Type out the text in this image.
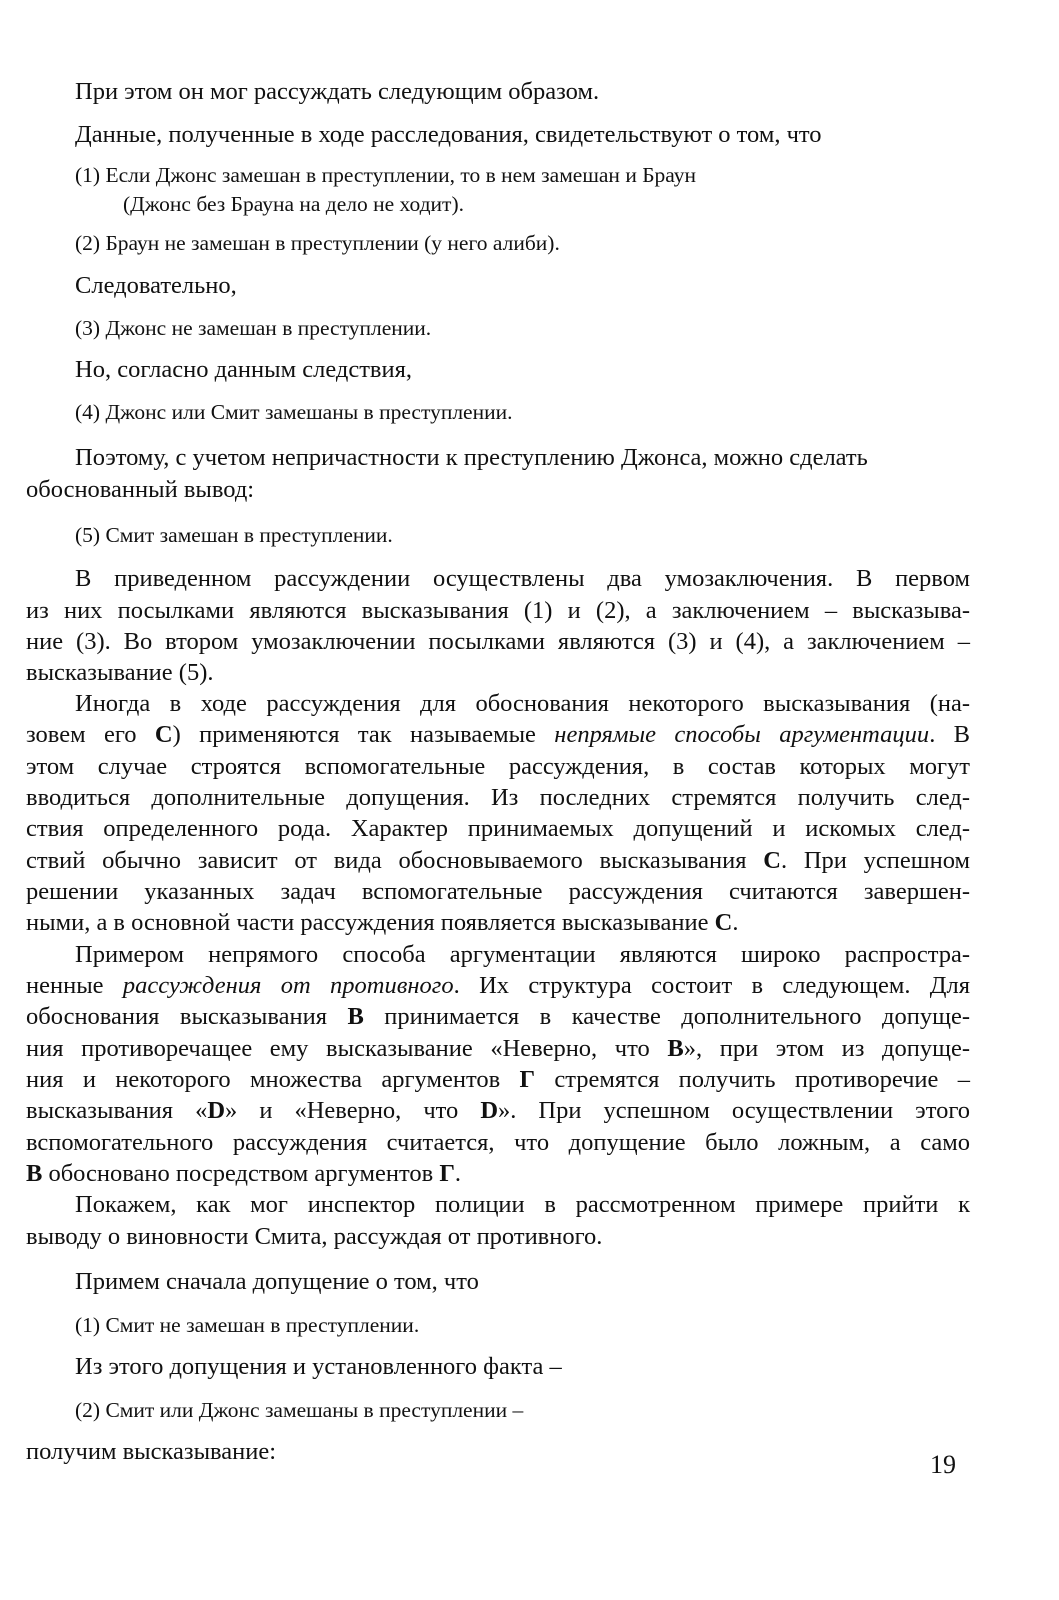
При этом он мог рассуждать следующим образом.

Данные, полученные в ходе расследования, свидетельствуют о том, что

(1) Если Джонс замешан в преступлении, то в нем замешан и Браун

(Джонс без Брауна на дело не ходит).

(2) Браун не замешан в преступлении (у него алиби).

Следовательно,

(3) Джонс не замешан в преступлении.

Но, согласно данным следствия,

(4) Джонс или Смит замешаны в преступлении.

Поэтому, с учетом непричастности к преступлению Джонса, можно сделать

обоснованный вывод:

(5) Смит замешан в преступлении.

В приведенном рассуждении осуществлены два умозаключения. В первом

из них посылками являются высказывания (1) и (2), а заключением – высказыва-

ние (3). Во втором умозаключении посылками являются (3) и (4), а заключением –

высказывание (5).

Иногда в ходе рассуждения для обоснования некоторого высказывания (на-

зовем его C) применяются так называемые непрямые способы аргументации. В

этом случае строятся вспомогательные рассуждения, в состав которых могут

вводиться дополнительные допущения. Из последних стремятся получить след-

ствия определенного рода. Характер принимаемых допущений и искомых след-

ствий обычно зависит от вида обосновываемого высказывания C. При успешном

решении указанных задач вспомогательные рассуждения считаются завершен-

ными, а в основной части рассуждения появляется высказывание C.

Примером непрямого способа аргументации являются широко распростра-

ненные рассуждения от противного. Их структура состоит в следующем. Для

обоснования высказывания B принимается в качестве дополнительного допуще-

ния противоречащее ему высказывание «Неверно, что B», при этом из допуще-

ния и некоторого множества аргументов Г стремятся получить противоречие –

высказывания «D» и «Неверно, что D». При успешном осуществлении этого

вспомогательного рассуждения считается, что допущение было ложным, а само

B обосновано посредством аргументов Г.

Покажем, как мог инспектор полиции в рассмотренном примере прийти к

выводу о виновности Смита, рассуждая от противного.

Примем сначала допущение о том, что

(1) Смит не замешан в преступлении.

Из этого допущения и установленного факта –

(2) Смит или Джонс замешаны в преступлении –

получим высказывание:	19
